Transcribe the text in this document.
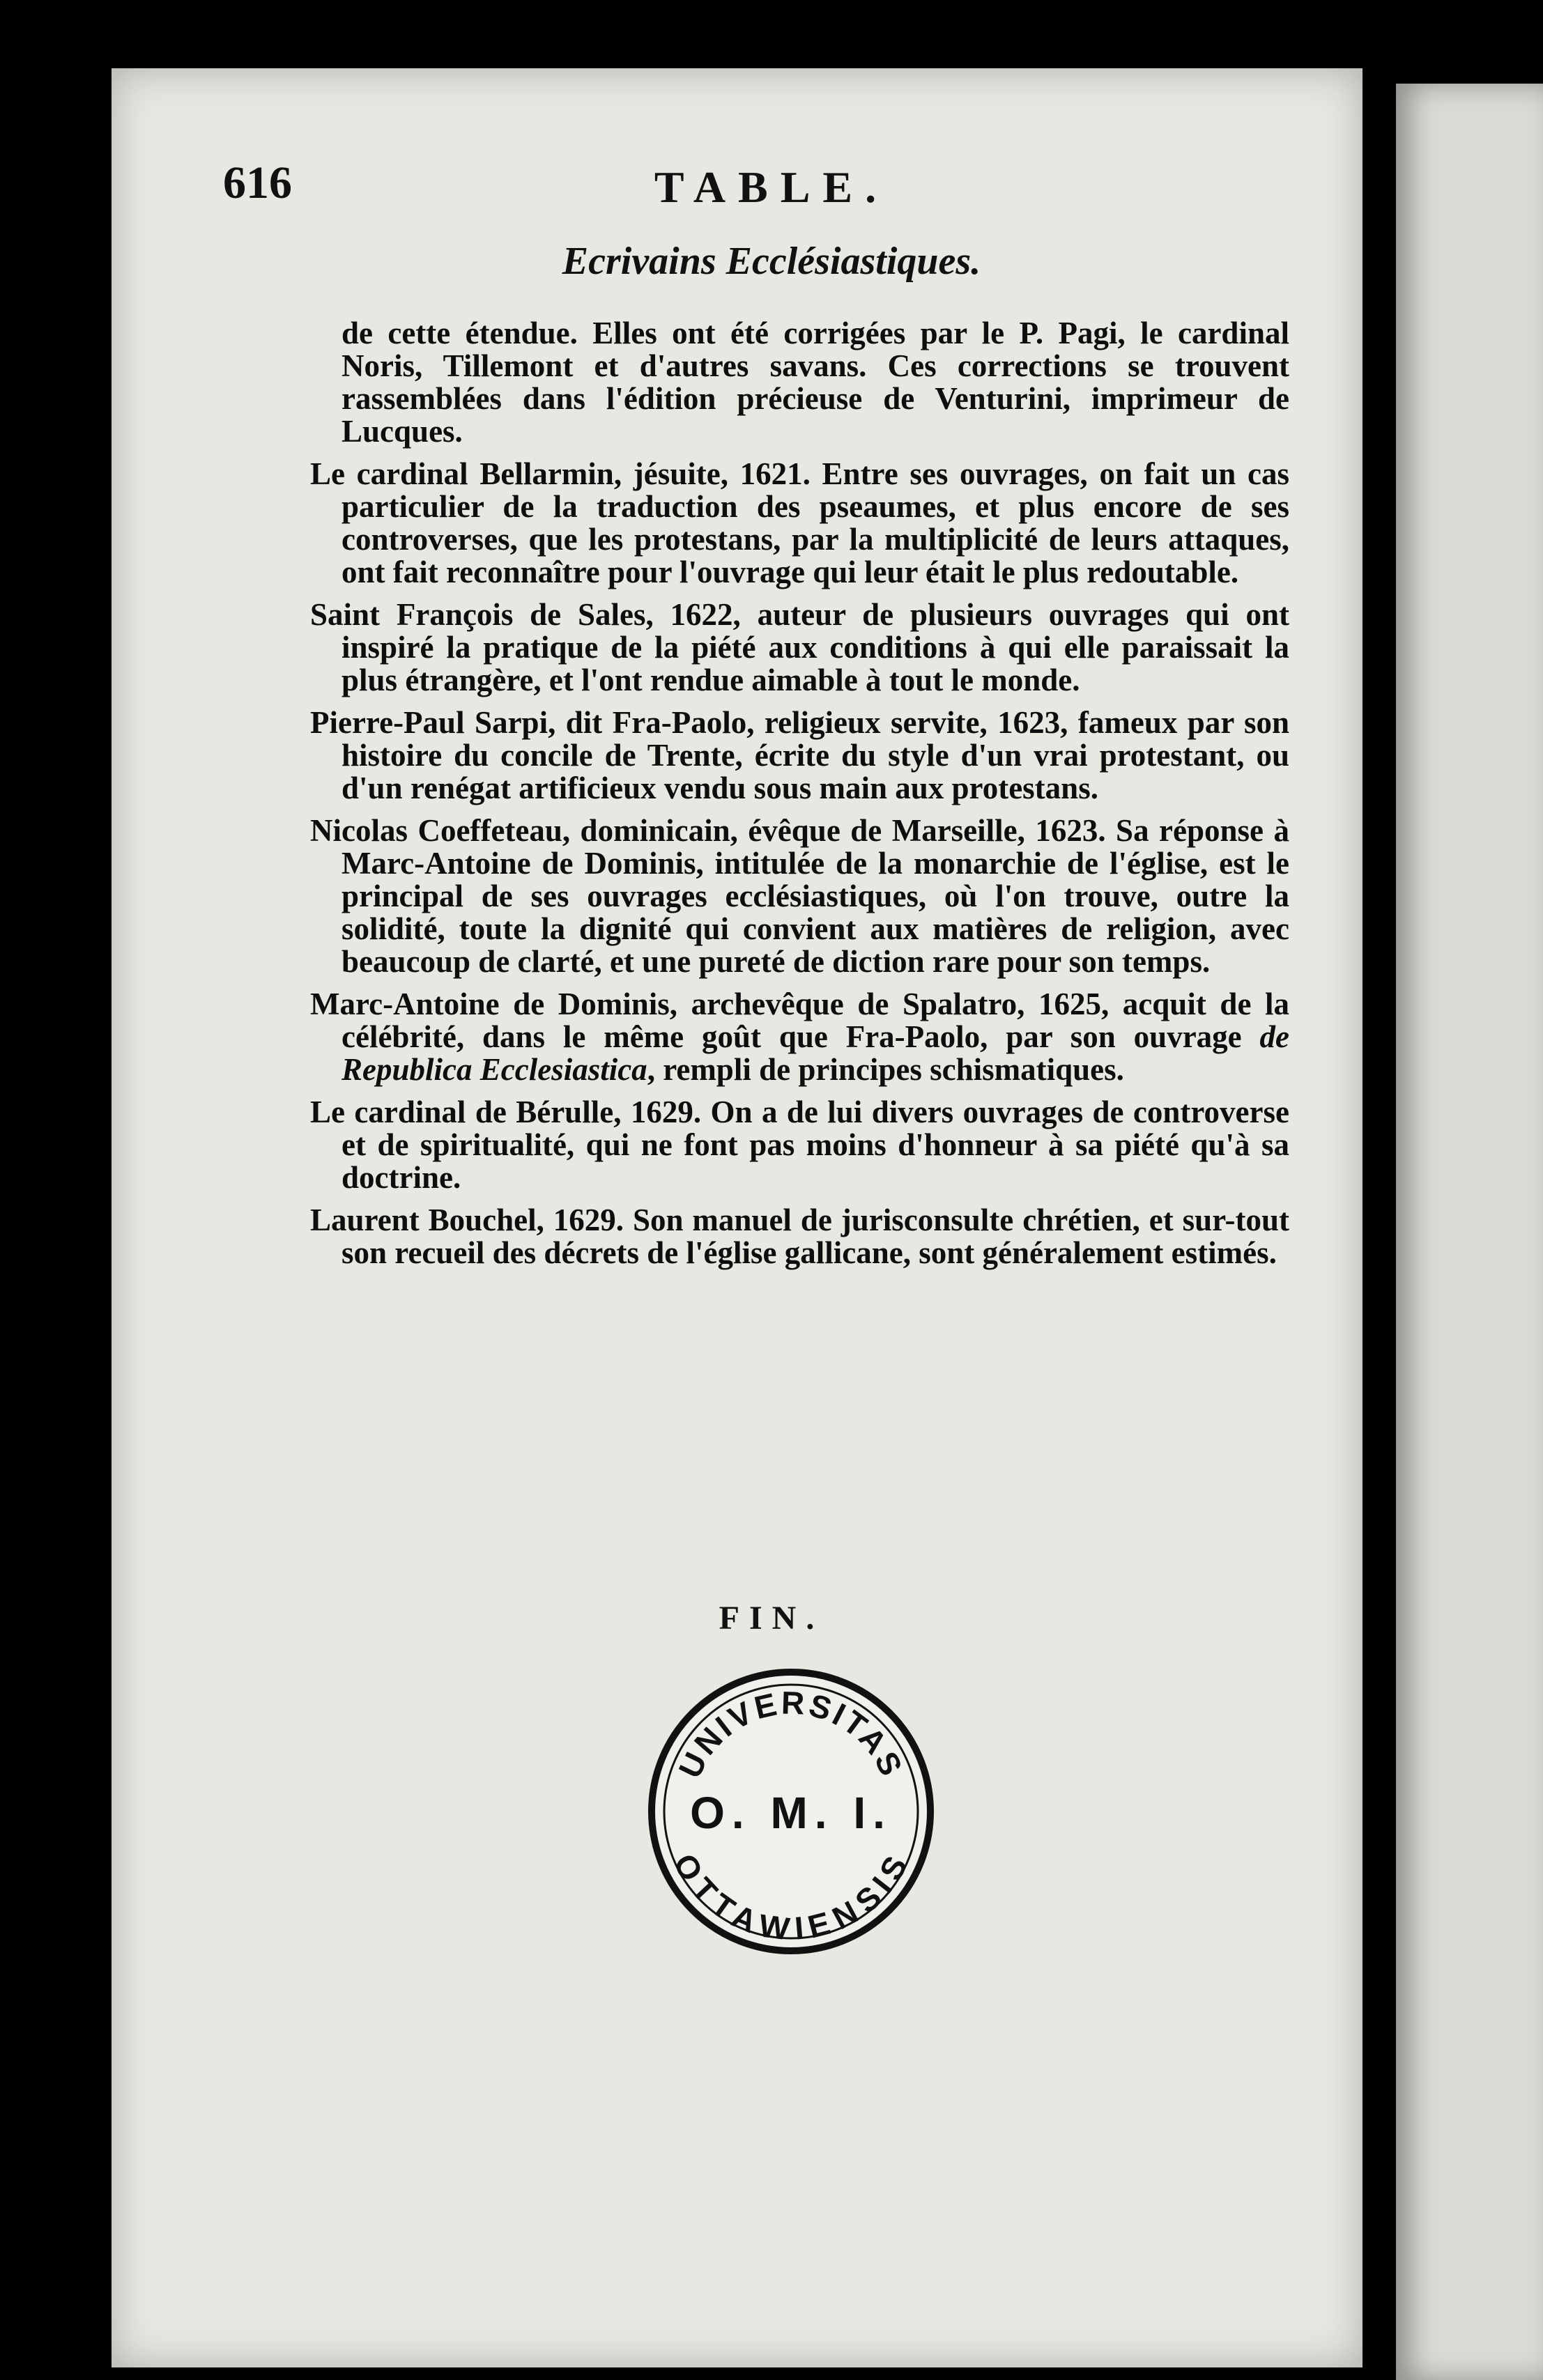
616	TABLE.
Ecrivains Ecclésiastiques.

de cette étendue. Elles ont été corrigées par le P. Pagi, le cardinal Noris, Tillemont et d'autres savans. Ces corrections se trouvent rassemblées dans l'édition précieuse de Venturini, imprimeur de Lucques.

Le cardinal Bellarmin, jésuite, 1621. Entre ses ouvrages, on fait un cas particulier de la traduction des pseaumes, et plus encore de ses controverses, que les protestans, par la multiplicité de leurs attaques, ont fait reconnaître pour l'ouvrage qui leur était le plus redoutable.

Saint François de Sales, 1622, auteur de plusieurs ouvrages qui ont inspiré la pratique de la piété aux conditions à qui elle paraissait la plus étrangère, et l'ont rendue aimable à tout le monde.

Pierre-Paul Sarpi, dit Fra-Paolo, religieux servite, 1623, fameux par son histoire du concile de Trente, écrite du style d'un vrai protestant, ou d'un renégat artificieux vendu sous main aux protestans.

Nicolas Coeffeteau, dominicain, évêque de Marseille, 1623. Sa réponse à Marc-Antoine de Dominis, intitulée de la monarchie de l'église, est le principal de ses ouvrages ecclésiastiques, où l'on trouve, outre la solidité, toute la dignité qui convient aux matières de religion, avec beaucoup de clarté, et une pureté de diction rare pour son temps.

Marc-Antoine de Dominis, archevêque de Spalatro, 1625, acquit de la célébrité, dans le même goût que Fra-Paolo, par son ouvrage de Republica Ecclesiastica, rempli de principes schismatiques.

Le cardinal de Bérulle, 1629. On a de lui divers ouvrages de controverse et de spiritualité, qui ne font pas moins d'honneur à sa piété qu'à sa doctrine.

Laurent Bouchel, 1629. Son manuel de jurisconsulte chrétien, et sur-tout son recueil des décrets de l'église gallicane, sont généralement estimés.

FIN.
UNIVERSITAS
OTTAWIENSIS
O. M. I.
